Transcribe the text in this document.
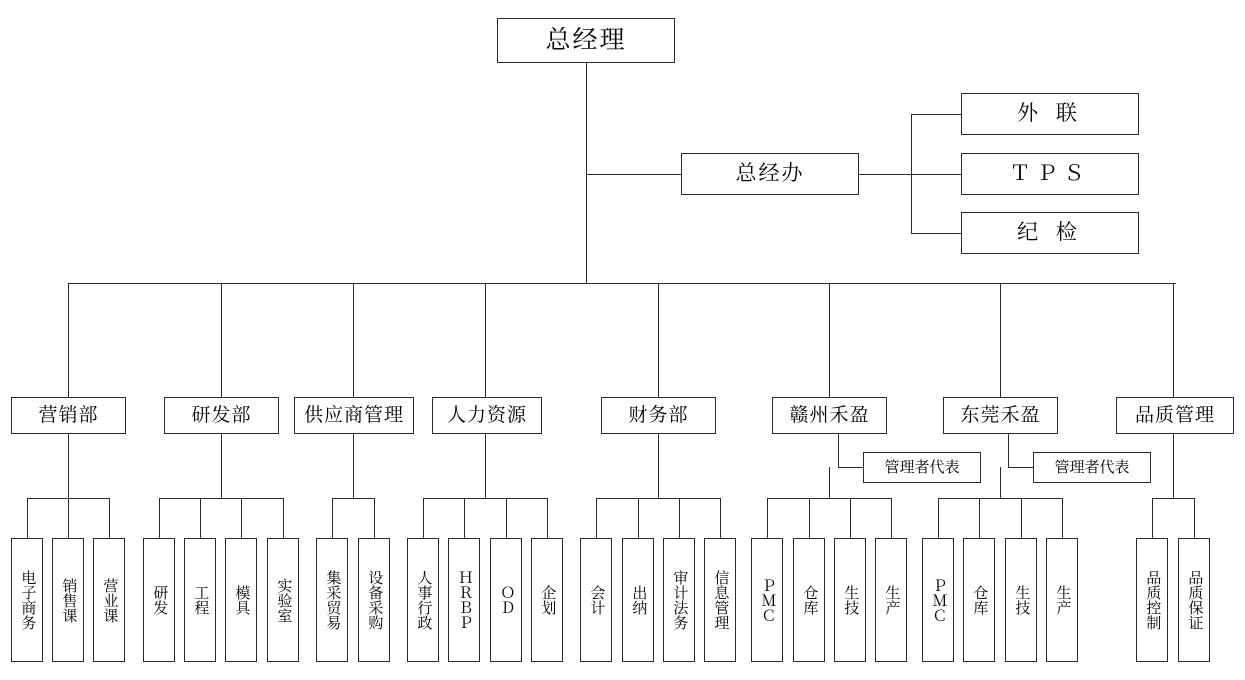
总经理
总经办
外 联
ＴＰＳ
纪 检
营销部	研发部	供应商管理 人力资源	财务部	赣州禾盈	东莞禾盈	品质管理
管理者代表	管理者代表
电子商务 销售课 营业课 研发 工程 模具 实验室 集采贸易 设备采购 人事行政 ＨＲＢＰ ＯＤ 企划 会计 出纳 审计法务 信息管理 ＰＭＣ 仓库 生技 生产 ＰＭＣ 仓库 生技 生产	品质控制 品质保证
